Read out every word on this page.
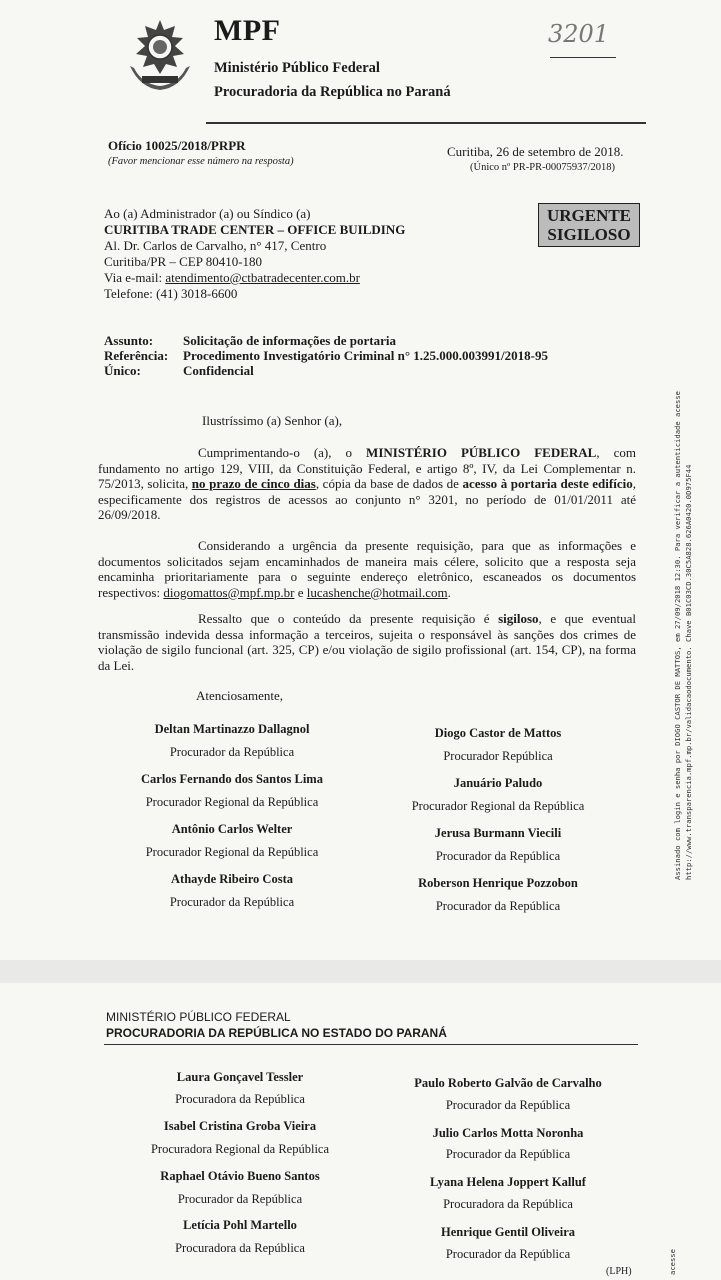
MPF
Ministério Público Federal
Procuradoria da República no Paraná
3201
Ofício 10025/2018/PRPR
(Favor mencionar esse número na resposta)
Curitiba, 26 de setembro de 2018.
(Único nº PR-PR-00075937/2018)
Ao (a) Administrador (a) ou Síndico (a)
CURITIBA TRADE CENTER – OFFICE BUILDING
Al. Dr. Carlos de Carvalho, n° 417, Centro
Curitiba/PR – CEP 80410-180
Via e-mail: atendimento@ctbatradecenter.com.br
Telefone: (41) 3018-6600
URGENTE
SIGILOSO
Assunto: Solicitação de informações de portaria
Referência: Procedimento Investigatório Criminal n° 1.25.000.003991/2018-95
Único:	Confidencial
Ilustríssimo (a) Senhor (a),
Cumprimentando-o (a), o MINISTÉRIO PÚBLICO FEDERAL, com fundamento no artigo 129, VIII, da Constituição Federal, e artigo 8º, IV, da Lei Complementar n. 75/2013, solicita, no prazo de cinco dias, cópia da base de dados de acesso à portaria deste edifício, especificamente dos registros de acessos ao conjunto n° 3201, no período de 01/01/2011 até 26/09/2018.
Considerando a urgência da presente requisição, para que as informações e documentos solicitados sejam encaminhados de maneira mais célere, solicito que a resposta seja encaminha prioritariamente para o seguinte endereço eletrônico, escaneados os documentos respectivos: diogomattos@mpf.mp.br e lucashenche@hotmail.com.
Ressalto que o conteúdo da presente requisição é sigiloso, e que eventual transmissão indevida dessa informação a terceiros, sujeita o responsável às sanções dos crimes de violação de sigilo funcional (art. 325, CP) e/ou violação de sigilo profissional (art. 154, CP), na forma da Lei.
Atenciosamente,
Deltan Martinazzo Dallagnol
Procurador da República
Diogo Castor de Mattos
Procurador República
Carlos Fernando dos Santos Lima
Procurador Regional da República
Januário Paludo
Procurador Regional da República
Antônio Carlos Welter
Procurador Regional da República
Jerusa Burmann Viecili
Procurador da República
Athayde Ribeiro Costa
Procurador da República
Roberson Henrique Pozzobon
Procurador da República
Assinado com login e senha por DIOGO CASTOR DE MATTOS, em 27/09/2018 12:30. Para verificar a autenticidade acesse http://www.transparencia.mpf.mp.br/validacaodocumento. Chave B01C03CD.30C5A828.626A0420.0D975F44
MINISTÉRIO PÚBLICO FEDERAL
PROCURADORIA DA REPÚBLICA NO ESTADO DO PARANÁ
Laura Gonçavel Tessler
Procuradora da República
Paulo Roberto Galvão de Carvalho
Procurador da República
Isabel Cristina Groba Vieira
Procuradora Regional da República
Julio Carlos Motta Noronha
Procurador da República
Raphael Otávio Bueno Santos
Procurador da República
Lyana Helena Joppert Kalluf
Procuradora da República
Letícia Pohl Martello
Procuradora da República
Henrique Gentil Oliveira
Procurador da República
(LPH)	acesse
